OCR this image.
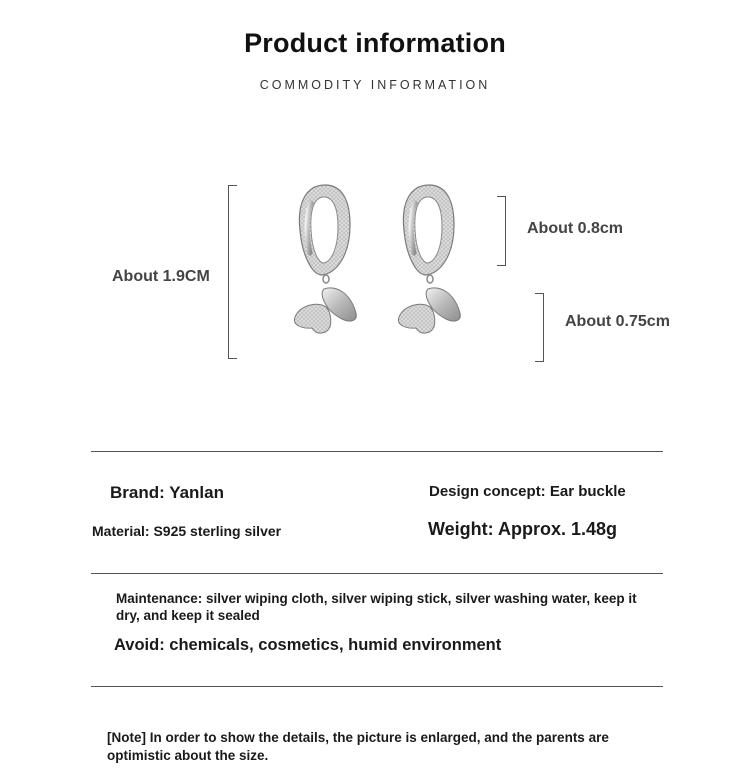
Product information
COMMODITY INFORMATION
About 1.9CM
About 0.8cm
About 0.75cm
Brand: Yanlan	Design concept: Ear buckle
Material: S925 sterling silver	Weight: Approx. 1.48g
Maintenance: silver wiping cloth, silver wiping stick, silver washing water, keep it dry, and keep it sealed
Avoid: chemicals, cosmetics, humid environment
[Note] In order to show the details, the picture is enlarged, and the parents are optimistic about the size.
